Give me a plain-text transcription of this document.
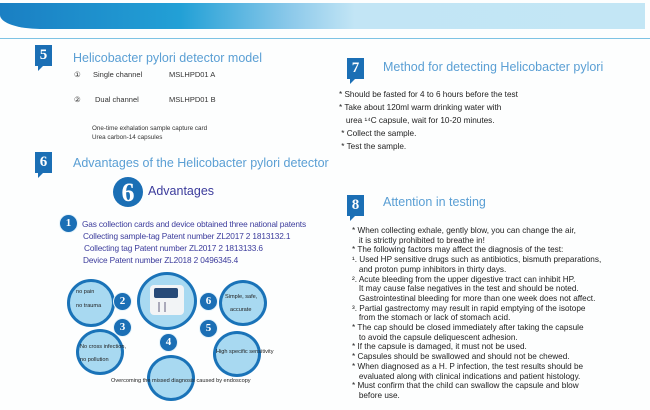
5	Helicobacter pylori detector model
① Single channel	MSLHPD01 A
② Dual channel	MSLHPD01 B
One-time exhalation sample capture card
Urea carbon-14 capsules
6	Advantages of the Helicobacter pylori detector
6	Advantages
1	Gas collection cards and device obtained three national patents
Collecting sample-tag Patent number ZL2017 2 1813132.1
Collecting tag Patent number ZL2017 2 1813133.6
Device Patent number ZL2018 2 0496345.4
no pain
no trauma	2
3
No cross infection,
no pollution
4
5
High specific sensitivity
6	Simple, safe,
accurate
Overcoming the missed diagnosis caused by endoscopy
7	Method for detecting Helicobacter pylori
* Should be fasted for 4 to 6 hours before the test
* Take about 120ml warm drinking water with
urea ¹⁴C capsule, wait for 10-20 minutes.
* Collect the sample.
* Test the sample.
8	Attention in testing
* When collecting exhale, gently blow, you can change the air,
it is strictly prohibited to breathe in!
* The following factors may affect the diagnosis of the test:
¹. Used HP sensitive drugs such as antibiotics, bismuth preparations,
and proton pump inhibitors in thirty days.
². Acute bleeding from the upper digestive tract can inhibit HP.
It may cause false negatives in the test and should be noted.
Gastrointestinal bleeding for more than one week does not affect.
³. Partial gastrectomy may result in rapid emptying of the isotope
from the stomach or lack of stomach acid.
* The cap should be closed immediately after taking the capsule
to avoid the capsule deliquescent adhesion.
* If the capsule is damaged, it must not be used.
* Capsules should be swallowed and should not be chewed.
* When diagnosed as a H. P infection, the test results should be
evaluated along with clinical indications and patient histology.
* Must confirm that the child can swallow the capsule and blow
before use.
